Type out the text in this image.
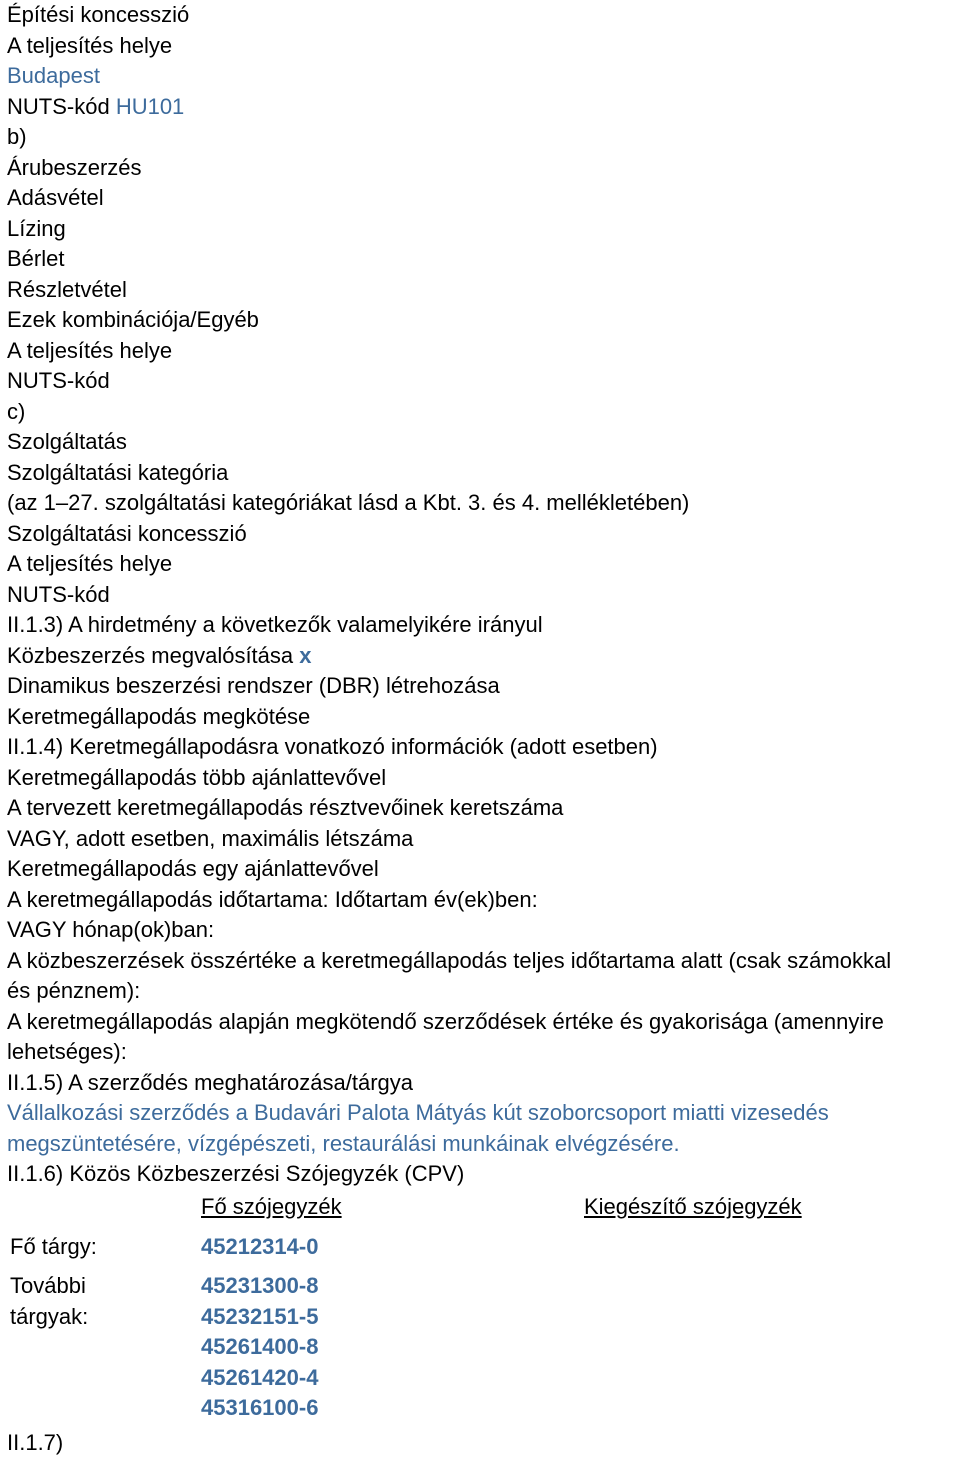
Építési koncesszió
A teljesítés helye
Budapest
NUTS-kód HU101
b)
Árubeszerzés
Adásvétel
Lízing
Bérlet
Részletvétel
Ezek kombinációja/Egyéb
A teljesítés helye
NUTS-kód
c)
Szolgáltatás
Szolgáltatási kategória
(az 1–27. szolgáltatási kategóriákat lásd a Kbt. 3. és 4. mellékletében)
Szolgáltatási koncesszió
A teljesítés helye
NUTS-kód
II.1.3) A hirdetmény a következők valamelyikére irányul
Közbeszerzés megvalósítása x
Dinamikus beszerzési rendszer (DBR) létrehozása
Keretmegállapodás megkötése
II.1.4) Keretmegállapodásra vonatkozó információk (adott esetben)
Keretmegállapodás több ajánlattevővel
A tervezett keretmegállapodás résztvevőinek keretszáma
VAGY, adott esetben, maximális létszáma
Keretmegállapodás egy ajánlattevővel
A keretmegállapodás időtartama: Időtartam év(ek)ben:
VAGY hónap(ok)ban:
A közbeszerzések összértéke a keretmegállapodás teljes időtartama alatt (csak számokkal és pénznem):
A keretmegállapodás alapján megkötendő szerződések értéke és gyakorisága (amennyire lehetséges):
II.1.5) A szerződés meghatározása/tárgya
Vállalkozási szerződés a Budavári Palota Mátyás kút szoborcsoport miatti vizesedés megszüntetésére, vízgépészeti, restaurálási munkáinak elvégzésére.
II.1.6) Közös Közbeszerzési Szójegyzék (CPV)
Fő szójegyzék	Kiegészítő szójegyzék
Fő tárgy:	45212314-0
További
tárgyak:
45231300-8
45232151-5
45261400-8
45261420-4
45316100-6
II.1.7)
